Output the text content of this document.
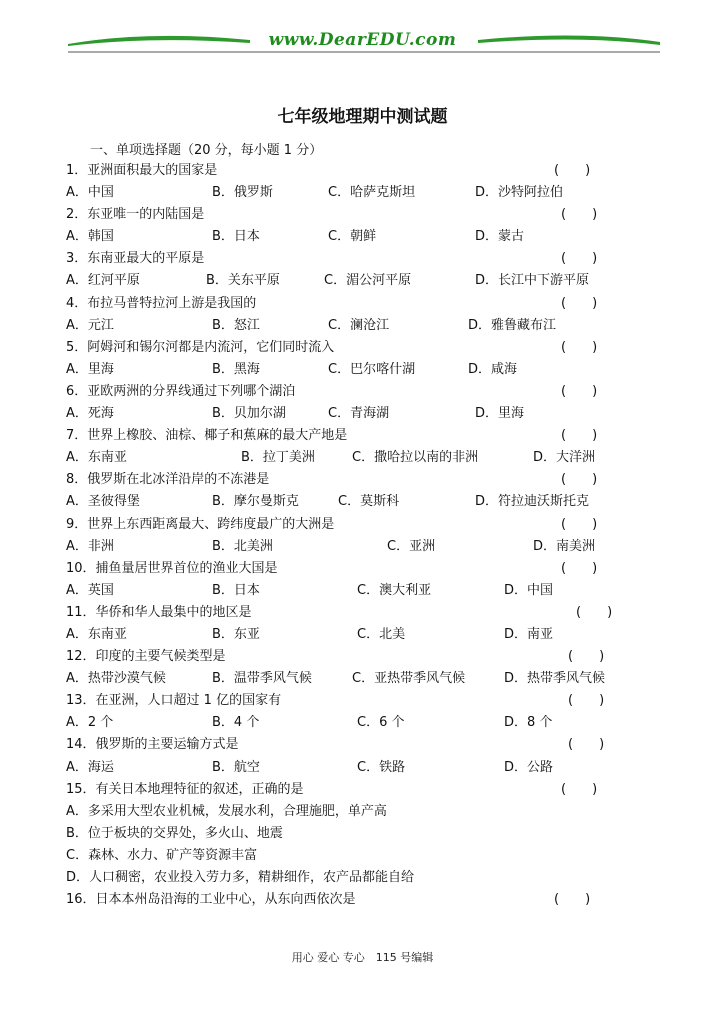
www.DearEDU.com
七年级地理期中测试题
一、单项选择题（20 分，每小题 1 分）
1．亚洲面积最大的国家是	(　　)
A．中国	B．俄罗斯	C．哈萨克斯坦	D．沙特阿拉伯
2．东亚唯一的内陆国是	(　　)
A．韩国	B．日本	C．朝鲜	D．蒙古
3．东南亚最大的平原是	(　　)
A．红河平原	B．关东平原	C．湄公河平原	D．长江中下游平原
4．布拉马普特拉河上游是我国的	(　　)
A．元江	B．怒江	C．澜沧江	D．雅鲁藏布江
5．阿姆河和锡尔河都是内流河，它们同时流入	(　　)
A．里海	B．黑海	C．巴尔喀什湖	D．咸海
6．亚欧两洲的分界线通过下列哪个湖泊	(　　)
A．死海	B．贝加尔湖	C．青海湖	D．里海
7．世界上橡胶、油棕、椰子和蕉麻的最大产地是	(　　)
A．东南亚	B．拉丁美洲	C．撒哈拉以南的非洲	D．大洋洲
8．俄罗斯在北冰洋沿岸的不冻港是	(　　)
A．圣彼得堡	B．摩尔曼斯克	C．莫斯科	D．符拉迪沃斯托克
9．世界上东西距离最大、跨纬度最广的大洲是	(　　)
A．非洲	B．北美洲	C．亚洲	D．南美洲
10．捕鱼量居世界首位的渔业大国是	(　　)
A．英国	B．日本	C．澳大利亚	D．中国
11．华侨和华人最集中的地区是	(　　)
A．东南亚	B．东亚	C．北美	D．南亚
12．印度的主要气候类型是	(　　)
A．热带沙漠气候	B．温带季风气候	C．亚热带季风气候	D．热带季风气候
13．在亚洲，人口超过 1 亿的国家有	(　　)
A．2 个	B．4 个	C．6 个	D．8 个
14．俄罗斯的主要运输方式是	(　　)
A．海运	B．航空	C．铁路	D．公路
15．有关日本地理特征的叙述，正确的是	(　　)
A．多采用大型农业机械，发展水利，合理施肥，单产高
B．位于板块的交界处，多火山、地震
C．森林、水力、矿产等资源丰富
D．人口稠密，农业投入劳力多，精耕细作，农产品都能自给
16．日本本州岛沿海的工业中心，从东向西依次是	(　　)
用心 爱心 专心　115 号编辑
